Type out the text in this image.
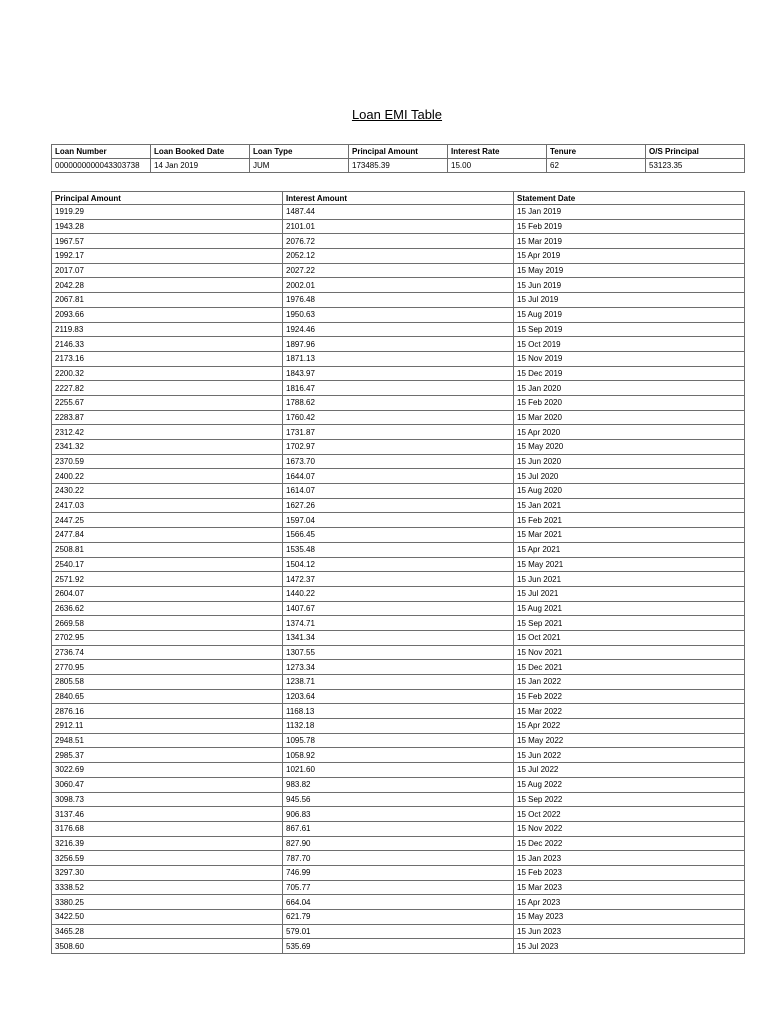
Loan EMI Table
Loan Number	Loan Booked Date	Loan Type	Principal Amount	Interest Rate	Tenure	O/S Principal
0000000000043303738	14 Jan 2019	JUM	173485.39	15.00	62	53123.35
Principal Amount	Interest Amount	Statement Date
1919.29	1487.44	15 Jan 2019
1943.28	2101.01	15 Feb 2019
1967.57	2076.72	15 Mar 2019
1992.17	2052.12	15 Apr 2019
2017.07	2027.22	15 May 2019
2042.28	2002.01	15 Jun 2019
2067.81	1976.48	15 Jul 2019
2093.66	1950.63	15 Aug 2019
2119.83	1924.46	15 Sep 2019
2146.33	1897.96	15 Oct 2019
2173.16	1871.13	15 Nov 2019
2200.32	1843.97	15 Dec 2019
2227.82	1816.47	15 Jan 2020
2255.67	1788.62	15 Feb 2020
2283.87	1760.42	15 Mar 2020
2312.42	1731.87	15 Apr 2020
2341.32	1702.97	15 May 2020
2370.59	1673.70	15 Jun 2020
2400.22	1644.07	15 Jul 2020
2430.22	1614.07	15 Aug 2020
2417.03	1627.26	15 Jan 2021
2447.25	1597.04	15 Feb 2021
2477.84	1566.45	15 Mar 2021
2508.81	1535.48	15 Apr 2021
2540.17	1504.12	15 May 2021
2571.92	1472.37	15 Jun 2021
2604.07	1440.22	15 Jul 2021
2636.62	1407.67	15 Aug 2021
2669.58	1374.71	15 Sep 2021
2702.95	1341.34	15 Oct 2021
2736.74	1307.55	15 Nov 2021
2770.95	1273.34	15 Dec 2021
2805.58	1238.71	15 Jan 2022
2840.65	1203.64	15 Feb 2022
2876.16	1168.13	15 Mar 2022
2912.11	1132.18	15 Apr 2022
2948.51	1095.78	15 May 2022
2985.37	1058.92	15 Jun 2022
3022.69	1021.60	15 Jul 2022
3060.47	983.82	15 Aug 2022
3098.73	945.56	15 Sep 2022
3137.46	906.83	15 Oct 2022
3176.68	867.61	15 Nov 2022
3216.39	827.90	15 Dec 2022
3256.59	787.70	15 Jan 2023
3297.30	746.99	15 Feb 2023
3338.52	705.77	15 Mar 2023
3380.25	664.04	15 Apr 2023
3422.50	621.79	15 May 2023
3465.28	579.01	15 Jun 2023
3508.60	535.69	15 Jul 2023
